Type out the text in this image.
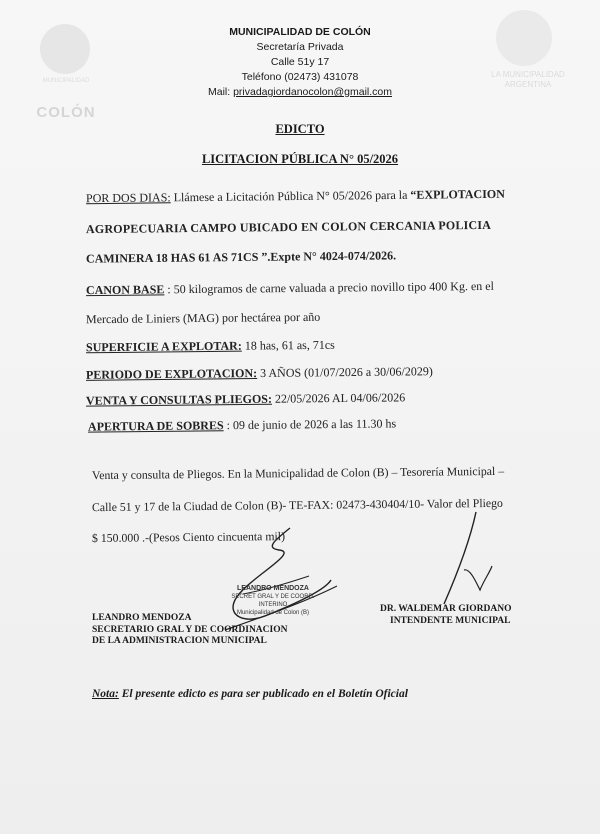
MUNICIPALIDAD
COLÓN
LA MUNICIPALIDAD ARGENTINA
MUNICIPALIDAD DE COLÓN
Secretaría Privada
Calle 51y 17
Teléfono (02473) 431078
Mail: privadagiordanocolon@gmail.com
EDICTO
LICITACION PÚBLICA N° 05/2026
POR DOS DIAS: Llámese a Licitación Pública N° 05/2026 para la “EXPLOTACION
AGROPECUARIA CAMPO UBICADO EN COLON CERCANIA POLICIA
CAMINERA 18 HAS 61 AS 71CS ”.Expte N° 4024-074/2026.
CANON BASE : 50 kilogramos de carne valuada a precio novillo tipo 400 Kg. en el
Mercado de Liniers (MAG) por hectárea por año
SUPERFICIE A EXPLOTAR: 18 has, 61 as, 71cs
PERIODO DE EXPLOTACION: 3 AÑOS (01/07/2026 a 30/06/2029)
VENTA Y CONSULTAS PLIEGOS: 22/05/2026 AL 04/06/2026
APERTURA DE SOBRES : 09 de junio de 2026 a las 11.30 hs
Venta y consulta de Pliegos. En la Municipalidad de Colon (B) – Tesorería Municipal –
Calle 51 y 17 de la Ciudad de Colon (B)- TE-FAX: 02473-430404/10- Valor del Pliego
$ 150.000 .-(Pesos Ciento cincuenta mil)
LEANDRO MENDOZA
SECRET GRAL Y DE COORD. INTERINO
Municipalidad de Colon (B)
LEANDRO MENDOZA
SECRETARIO GRAL Y DE COORDINACION
DE LA ADMINISTRACION MUNICIPAL
DR. WALDEMAR GIORDANO
INTENDENTE MUNICIPAL
Nota: El presente edicto es para ser publicado en el Boletín Oficial
